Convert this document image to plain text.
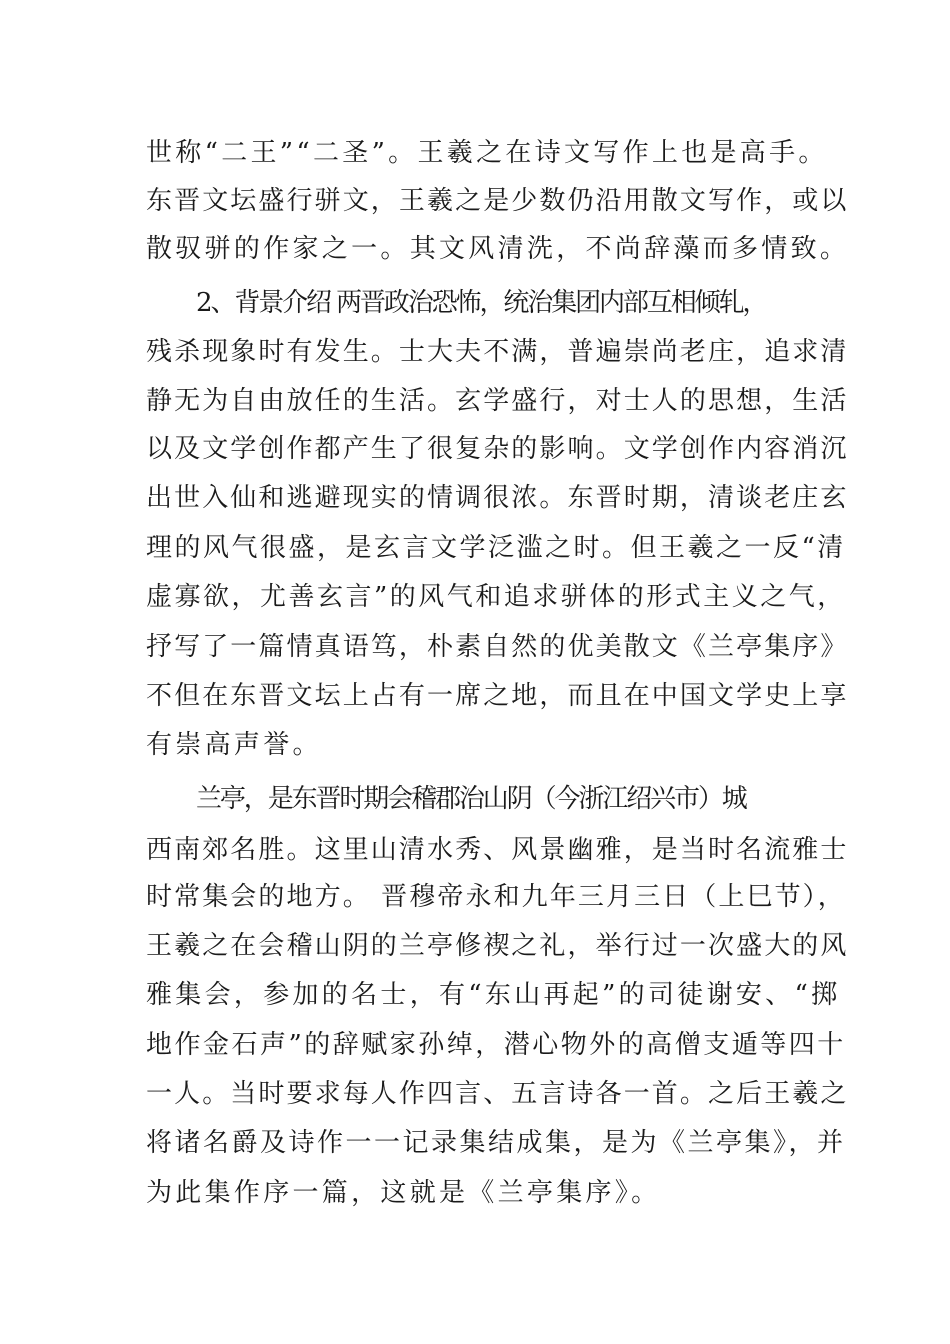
世称“二王”“二圣”。王羲之在诗文写作上也是高手。
东晋文坛盛行骈文，王羲之是少数仍沿用散文写作，或以
散驭骈的作家之一。其文风清洗，不尚辞藻而多情致。
2、背景介绍 两晋政治恐怖，统治集团内部互相倾轧，
残杀现象时有发生。士大夫不满，普遍崇尚老庄，追求清
静无为自由放任的生活。玄学盛行，对士人的思想，生活
以及文学创作都产生了很复杂的影响。文学创作内容消沉
出世入仙和逃避现实的情调很浓。东晋时期，清谈老庄玄
理的风气很盛，是玄言文学泛滥之时。但王羲之一反“清
虚寡欲，尤善玄言”的风气和追求骈体的形式主义之气，
抒写了一篇情真语笃，朴素自然的优美散文《兰亭集序》
不但在东晋文坛上占有一席之地，而且在中国文学史上享
有崇高声誉。
兰亭，是东晋时期会稽郡治山阴（今浙江绍兴市）城
西南郊名胜。这里山清水秀、风景幽雅，是当时名流雅士
时常集会的地方。 晋穆帝永和九年三月三日（上巳节），
王羲之在会稽山阴的兰亭修禊之礼，举行过一次盛大的风
雅集会，参加的名士，有“东山再起”的司徒谢安、“掷
地作金石声”的辞赋家孙绰，潜心物外的高僧支遁等四十
一人。当时要求每人作四言、五言诗各一首。之后王羲之
将诸名爵及诗作一一记录集结成集，是为《兰亭集》，并
为此集作序一篇，这就是《兰亭集序》。
